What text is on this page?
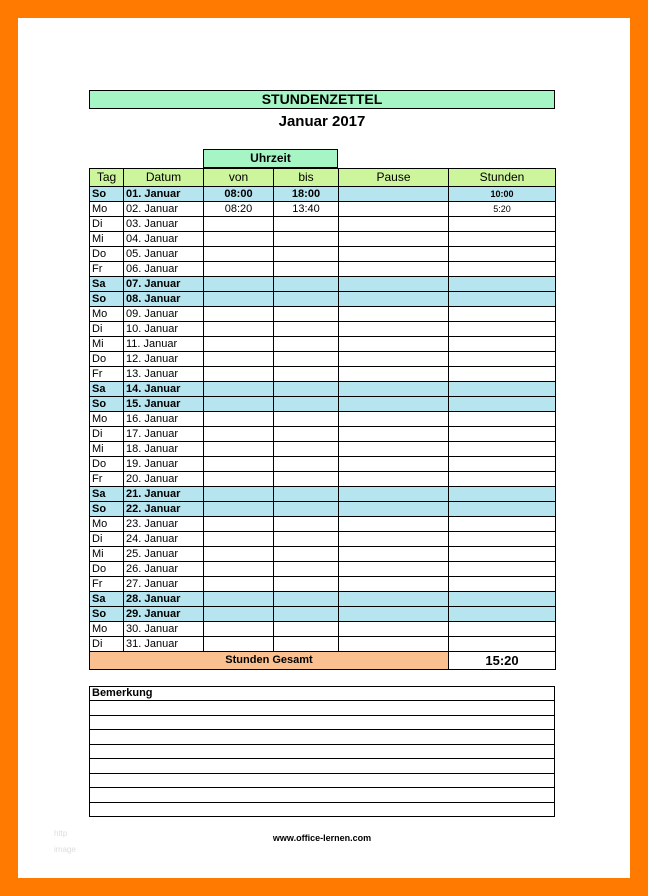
STUNDENZETTEL
Januar 2017
Uhrzeit
Tag	Datum	von	bis	Pause	Stunden
So	01. Januar	08:00	18:00		10:00
Mo	02. Januar	08:20	13:40		5:20
Di	03. Januar				
Mi	04. Januar				
Do	05. Januar				
Fr	06. Januar				
Sa	07. Januar				
So	08. Januar				
Mo	09. Januar				
Di	10. Januar				
Mi	11. Januar				
Do	12. Januar				
Fr	13. Januar				
Sa	14. Januar				
So	15. Januar				
Mo	16. Januar				
Di	17. Januar				
Mi	18. Januar				
Do	19. Januar				
Fr	20. Januar				
Sa	21. Januar				
So	22. Januar				
Mo	23. Januar				
Di	24. Januar				
Mi	25. Januar				
Do	26. Januar				
Fr	27. Januar				
Sa	28. Januar				
So	29. Januar				
Mo	30. Januar				
Di	31. Januar				
Stunden Gesamt					15:20
Bemerkung
www.office-lernen.com
http
image
